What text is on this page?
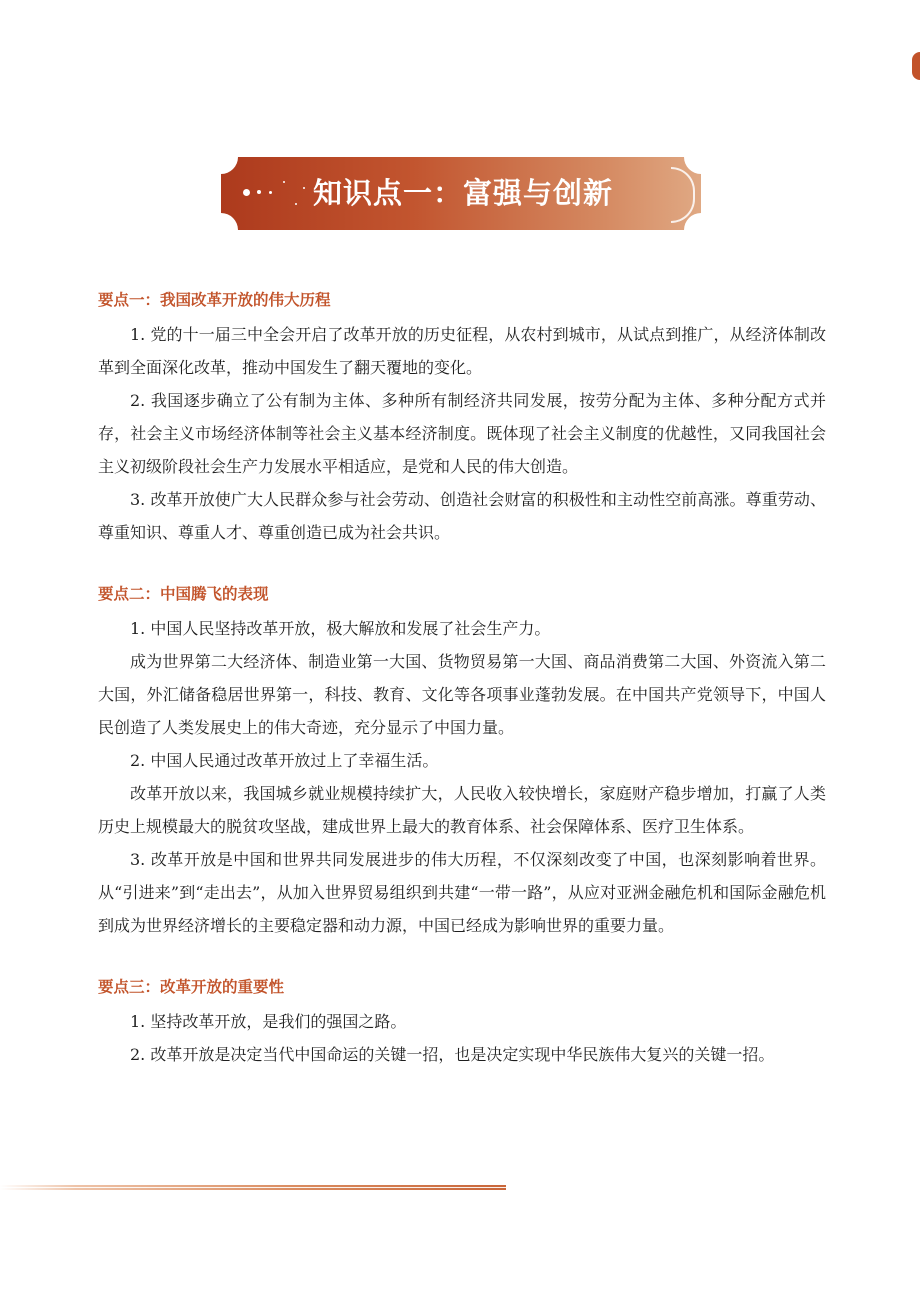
知识点一：富强与创新
要点一：我国改革开放的伟大历程

1. 党的十一届三中全会开启了改革开放的历史征程，从农村到城市，从试点到推广，从经济体制改革到全面深化改革，推动中国发生了翻天覆地的变化。

2. 我国逐步确立了公有制为主体、多种所有制经济共同发展，按劳分配为主体、多种分配方式并存，社会主义市场经济体制等社会主义基本经济制度。既体现了社会主义制度的优越性，又同我国社会主义初级阶段社会生产力发展水平相适应，是党和人民的伟大创造。

3. 改革开放使广大人民群众参与社会劳动、创造社会财富的积极性和主动性空前高涨。尊重劳动、尊重知识、尊重人才、尊重创造已成为社会共识。

要点二：中国腾飞的表现

1. 中国人民坚持改革开放，极大解放和发展了社会生产力。

成为世界第二大经济体、制造业第一大国、货物贸易第一大国、商品消费第二大国、外资流入第二大国，外汇储备稳居世界第一，科技、教育、文化等各项事业蓬勃发展。在中国共产党领导下，中国人民创造了人类发展史上的伟大奇迹，充分显示了中国力量。

2. 中国人民通过改革开放过上了幸福生活。

改革开放以来，我国城乡就业规模持续扩大，人民收入较快增长，家庭财产稳步增加，打赢了人类历史上规模最大的脱贫攻坚战，建成世界上最大的教育体系、社会保障体系、医疗卫生体系。

3. 改革开放是中国和世界共同发展进步的伟大历程，不仅深刻改变了中国，也深刻影响着世界。从“引进来”到“走出去”，从加入世界贸易组织到共建“一带一路”，从应对亚洲金融危机和国际金融危机到成为世界经济增长的主要稳定器和动力源，中国已经成为影响世界的重要力量。

要点三：改革开放的重要性

1. 坚持改革开放，是我们的强国之路。

2. 改革开放是决定当代中国命运的关键一招，也是决定实现中华民族伟大复兴的关键一招。
